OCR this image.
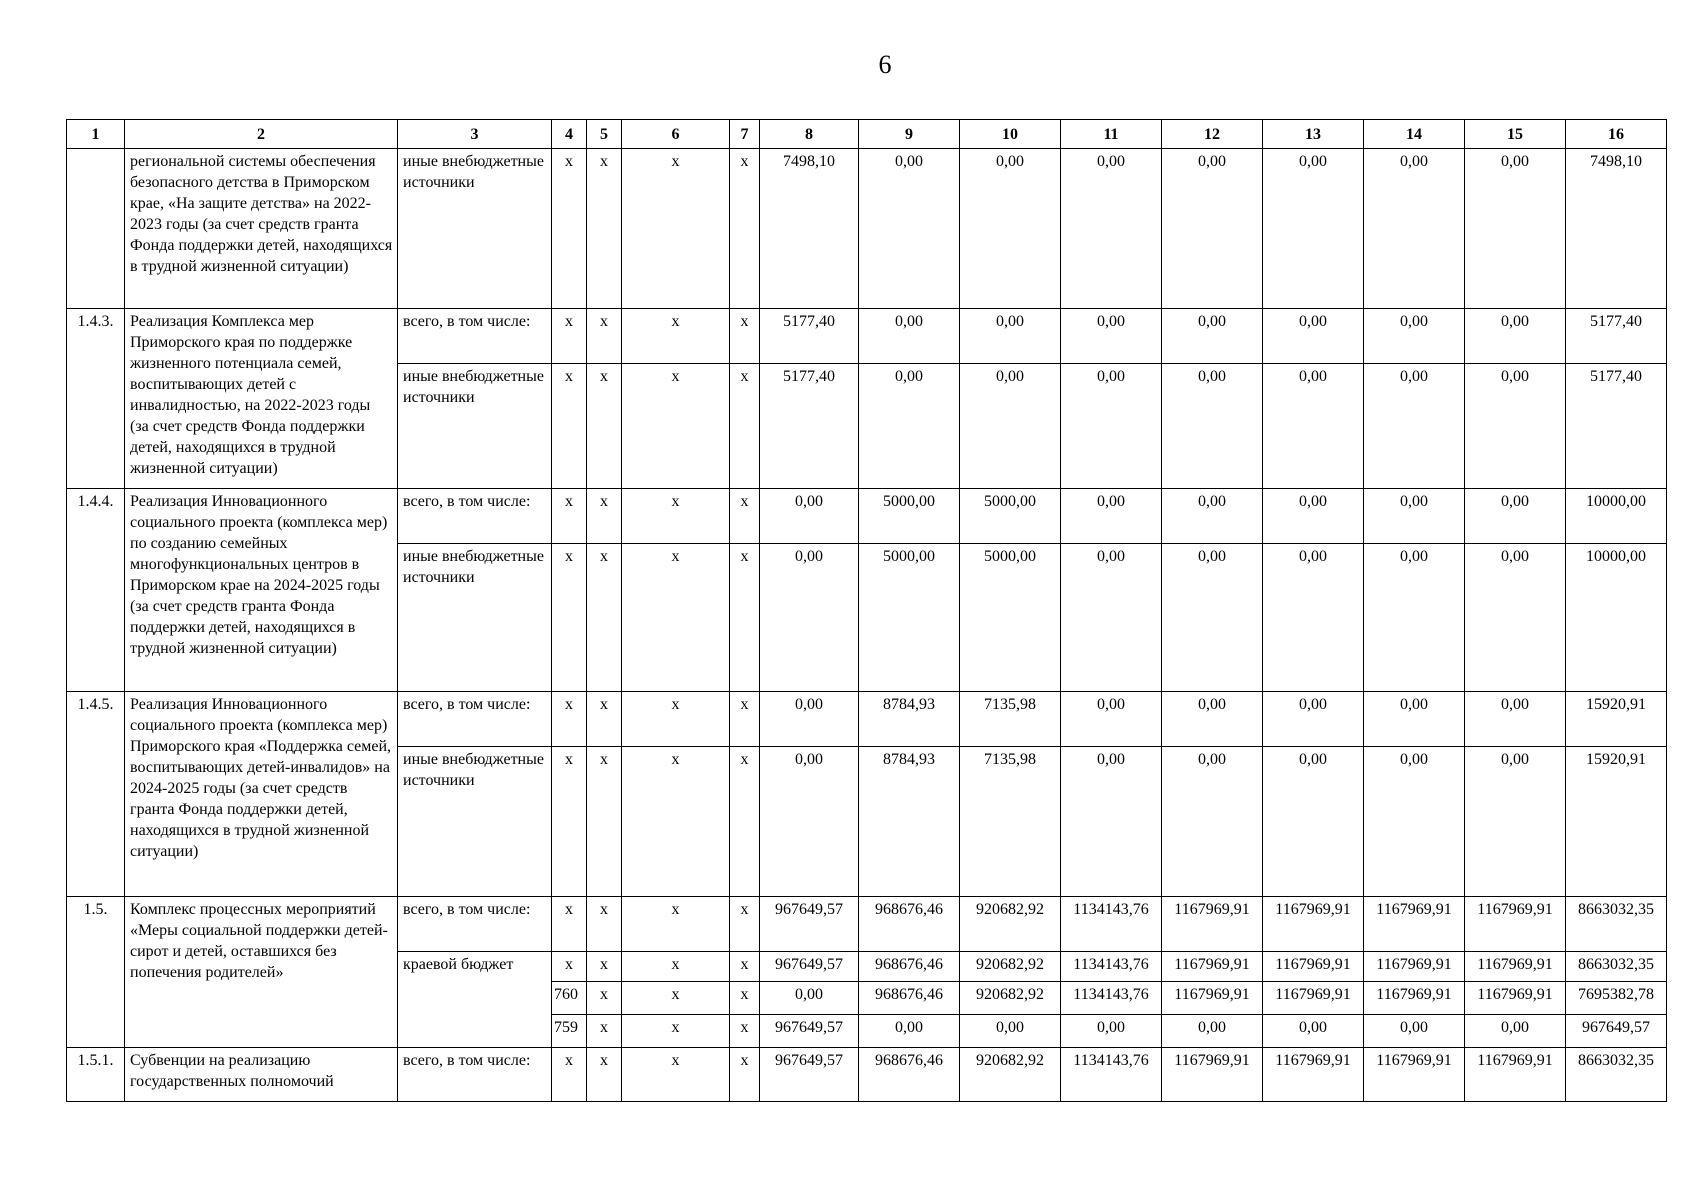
6
1	2	3	4	5	6	7	8	9	10	11	12	13	14	15	16
	региональной системы обеспечения безопасного детства в Приморском крае, «На защите детства» на 2022-2023 годы (за счет средств гранта Фонда поддержки детей, находящихся в трудной жизненной ситуации)	иные внебюджетные источники	x	x	x	x	7498,10	0,00	0,00	0,00	0,00	0,00	0,00	0,00	7498,10
1.4.3.	Реализация Комплекса мер Приморского края по поддержке жизненного потенциала семей, воспитывающих детей с инвалидностью, на 2022-2023 годы (за счет средств Фонда поддержки детей, находящихся в трудной жизненной ситуации)	всего, в том числе:	x	x	x	x	5177,40	0,00	0,00	0,00	0,00	0,00	0,00	0,00	5177,40
		иные внебюджетные источники	x	x	x	x	5177,40	0,00	0,00	0,00	0,00	0,00	0,00	0,00	5177,40
1.4.4.	Реализация Инновационного социального проекта (комплекса мер) по созданию семейных многофункциональных центров в Приморском крае на 2024-2025 годы (за счет средств гранта Фонда поддержки детей, находящихся в трудной жизненной ситуации)	всего, в том числе:	x	x	x	x	0,00	5000,00	5000,00	0,00	0,00	0,00	0,00	0,00	10000,00
		иные внебюджетные источники	x	x	x	x	0,00	5000,00	5000,00	0,00	0,00	0,00	0,00	0,00	10000,00
1.4.5.	Реализация Инновационного социального проекта (комплекса мер) Приморского края «Поддержка семей, воспитывающих детей-инвалидов» на 2024-2025 годы (за счет средств гранта Фонда поддержки детей, находящихся в трудной жизненной ситуации)	всего, в том числе:	x	x	x	x	0,00	8784,93	7135,98	0,00	0,00	0,00	0,00	0,00	15920,91
		иные внебюджетные источники	x	x	x	x	0,00	8784,93	7135,98	0,00	0,00	0,00	0,00	0,00	15920,91
1.5.	Комплекс процессных мероприятий «Меры социальной поддержки детей-сирот и детей, оставшихся без попечения родителей»	всего, в том числе:	x	x	x	x	967649,57	968676,46	920682,92	1134143,76	1167969,91	1167969,91	1167969,91	1167969,91	8663032,35
		краевой бюджет	x	x	x	x	967649,57	968676,46	920682,92	1134143,76	1167969,91	1167969,91	1167969,91	1167969,91	8663032,35
			760	x	x	x	0,00	968676,46	920682,92	1134143,76	1167969,91	1167969,91	1167969,91	1167969,91	7695382,78
			759	x	x	x	967649,57	0,00	0,00	0,00	0,00	0,00	0,00	0,00	967649,57
1.5.1.	Субвенции на реализацию государственных полномочий	всего, в том числе:	x	x	x	x	967649,57	968676,46	920682,92	1134143,76	1167969,91	1167969,91	1167969,91	1167969,91	8663032,35
